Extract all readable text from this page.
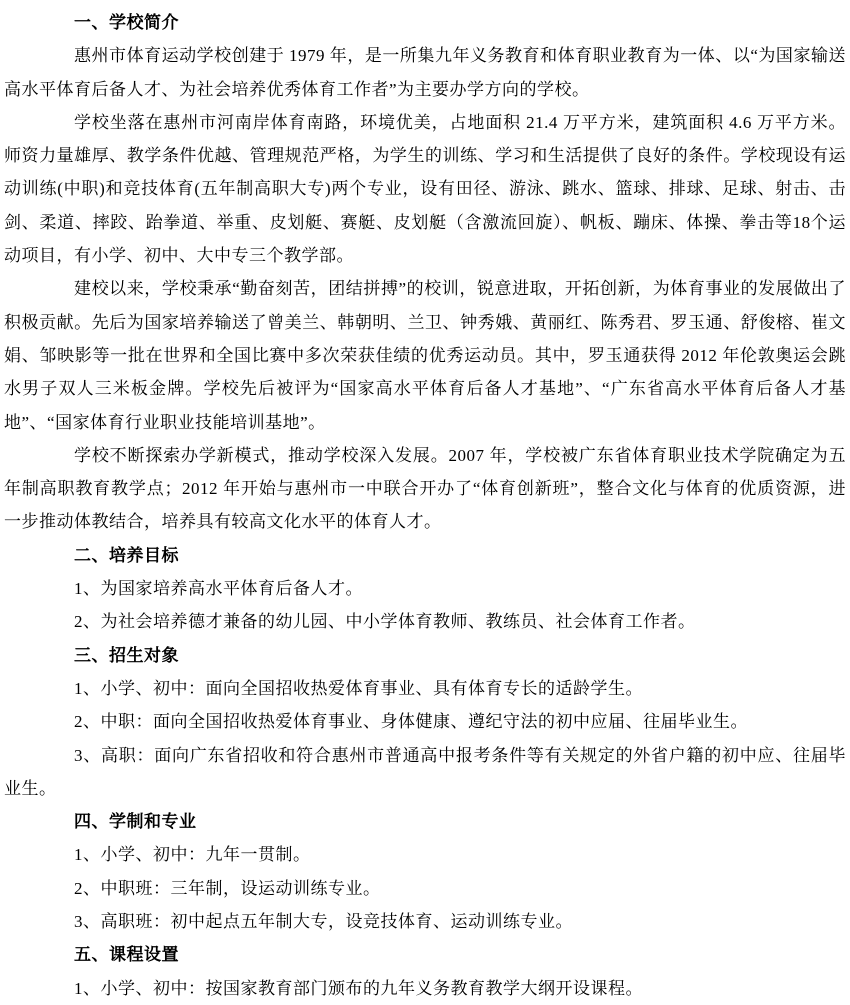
一、学校简介

惠州市体育运动学校创建于 1979 年，是一所集九年义务教育和体育职业教育为一体、以“为国家输送高水平体育后备人才、为社会培养优秀体育工作者”为主要办学方向的学校。

学校坐落在惠州市河南岸体育南路，环境优美，占地面积 21.4 万平方米，建筑面积 4.6 万平方米。师资力量雄厚、教学条件优越、管理规范严格，为学生的训练、学习和生活提供了良好的条件。学校现设有运动训练(中职)和竞技体育(五年制高职大专)两个专业，设有田径、游泳、跳水、篮球、排球、足球、射击、击剑、柔道、摔跤、跆拳道、举重、皮划艇、赛艇、皮划艇（含激流回旋）、帆板、蹦床、体操、拳击等18个运动项目，有小学、初中、大中专三个教学部。

建校以来，学校秉承“勤奋刻苦，团结拼搏”的校训，锐意进取，开拓创新，为体育事业的发展做出了积极贡献。先后为国家培养输送了曾美兰、韩朝明、兰卫、钟秀娥、黄丽红、陈秀君、罗玉通、舒俊榕、崔文娟、邹映影等一批在世界和全国比赛中多次荣获佳绩的优秀运动员。其中，罗玉通获得 2012 年伦敦奥运会跳水男子双人三米板金牌。学校先后被评为“国家高水平体育后备人才基地”、“广东省高水平体育后备人才基地”、“国家体育行业职业技能培训基地”。

学校不断探索办学新模式，推动学校深入发展。2007 年，学校被广东省体育职业技术学院确定为五年制高职教育教学点；2012 年开始与惠州市一中联合开办了“体育创新班”，整合文化与体育的优质资源，进一步推动体教结合，培养具有较高文化水平的体育人才。

二、培养目标

1、为国家培养高水平体育后备人才。

2、为社会培养德才兼备的幼儿园、中小学体育教师、教练员、社会体育工作者。

三、招生对象

1、小学、初中：面向全国招收热爱体育事业、具有体育专长的适龄学生。

2、中职：面向全国招收热爱体育事业、身体健康、遵纪守法的初中应届、往届毕业生。

3、高职：面向广东省招收和符合惠州市普通高中报考条件等有关规定的外省户籍的初中应、往届毕业生。

四、学制和专业

1、小学、初中：九年一贯制。

2、中职班：三年制，设运动训练专业。

3、高职班：初中起点五年制大专，设竞技体育、运动训练专业。

五、课程设置

1、小学、初中：按国家教育部门颁布的九年义务教育教学大纲开设课程。
